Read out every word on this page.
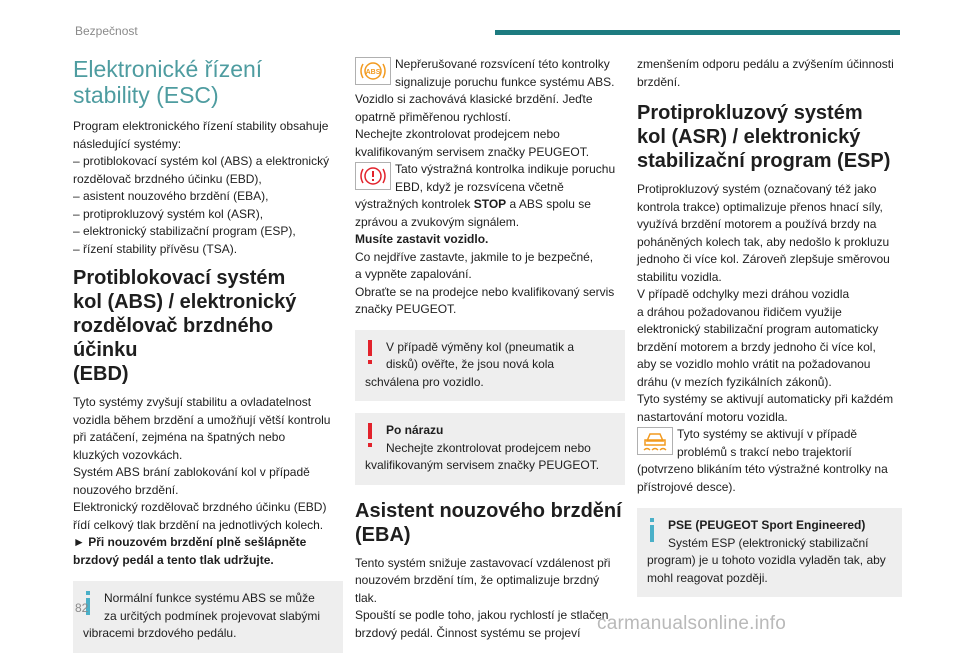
Bezpečnost
Elektronické řízení
stability (ESC)

Program elektronického řízení stability obsahuje

následující systémy:

– protiblokovací systém kol (ABS) a elektronický
rozdělovač brzdného účinku (EBD),
– asistent nouzového brzdění (EBA),
– protiprokluzový systém kol (ASR),
– elektronický stabilizační program (ESP),
– řízení stability přívěsu (TSA).
Protiblokovací systém
kol (ABS) / elektronický
rozdělovač brzdného účinku
(EBD)

Tyto systémy zvyšují stabilitu a ovladatelnost

vozidla během brzdění a umožňují větší kontrolu

při zatáčení, zejména na špatných nebo

kluzkých vozovkách.

Systém ABS brání zablokování kol v případě

nouzového brzdění.

Elektronický rozdělovač brzdného účinku (EBD)

řídí celkový tlak brzdění na jednotlivých kolech.

► Při nouzovém brzdění plně sešlápněte

brzdový pedál a tento tlak udržujte.

Normální funkce systému ABS se může

za určitých podmínek projevovat slabými

vibracemi brzdového pedálu.

ABS

Nepřerušované rozsvícení této kontrolky

signalizuje poruchu funkce systému ABS.

Vozidlo si zachovává klasické brzdění. Jeďte

opatrně přiměřenou rychlostí.

Nechejte zkontrolovat prodejcem nebo

kvalifikovaným servisem značky PEUGEOT.

Tato výstražná kontrolka indikuje poruchu

EBD, když je rozsvícena včetně

výstražných kontrolek STOP a ABS spolu se

zprávou a zvukovým signálem.

Musíte zastavit vozidlo.

Co nejdříve zastavte, jakmile to je bezpečné,

a vypněte zapalování.

Obraťte se na prodejce nebo kvalifikovaný servis

značky PEUGEOT.

V případě výměny kol (pneumatik a

disků) ověřte, že jsou nová kola

schválena pro vozidlo.

Po nárazu

Nechejte zkontrolovat prodejcem nebo

kvalifikovaným servisem značky PEUGEOT.

Asistent nouzového brzdění
(EBA)

Tento systém snižuje zastavovací vzdálenost při

nouzovém brzdění tím, že optimalizuje brzdný

tlak.

Spouští se podle toho, jakou rychlostí je stlačen

brzdový pedál. Činnost systému se projeví

zmenšením odporu pedálu a zvýšením účinnosti

brzdění.

Protiprokluzový systém
kol (ASR) / elektronický
stabilizační program (ESP)

Protiprokluzový systém (označovaný též jako

kontrola trakce) optimalizuje přenos hnací síly,

využívá brzdění motorem a používá brzdy na

poháněných kolech tak, aby nedošlo k prokluzu

jednoho či více kol. Zároveň zlepšuje směrovou

stabilitu vozidla.

V případě odchylky mezi dráhou vozidla

a dráhou požadovanou řidičem využije

elektronický stabilizační program automaticky

brzdění motorem a brzdy jednoho či více kol,

aby se vozidlo mohlo vrátit na požadovanou

dráhu (v mezích fyzikálních zákonů).

Tyto systémy se aktivují automaticky při každém

nastartování motoru vozidla.

Tyto systémy se aktivují v případě

problémů s trakcí nebo trajektorií

(potvrzeno blikáním této výstražné kontrolky na

přístrojové desce).

PSE (PEUGEOT Sport Engineered)

Systém ESP (elektronický stabilizační

program) je u tohoto vozidla vyladěn tak, aby

mohl reagovat později.

82
carmanualsonline.info
